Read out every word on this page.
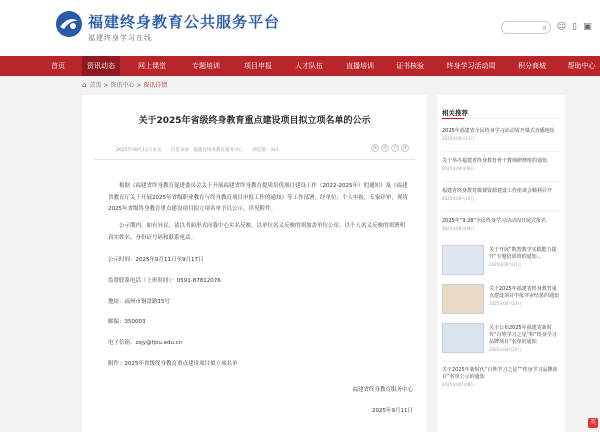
福建终身教育公共服务平台
福建终身学习在线
⌕ ☺ ▯ ▣
首页	资讯动态	网上课堂	专题培训	项目申报	人才队伍	直播培训	证书核验	终身学习活动周	积分商城	帮助中心
⌂ 首页 > 资讯中心 > 资讯详情
关于2025年省级终身教育重点建设项目拟立项名单的公示
2025年09月11日发布 信息来源：福建省终身教育服务中心 浏览量：341
微	朋	空	博
根据《福建省终身教育促进委员会关于开展福建省终身教育提质培优项目建设工作（2022-2025年）的通知》及《福建省教育厅关于开展2025年省级职业教育与终身教育项目申报工作的通知》等工作部署，经单位、个人申报，专家评审，现将2025年省级终身教育重点建设项目拟立项名单予以公示，详见附件。
公示期内，如有异议，请以书面形式向我中心实名反映。以单位名义反映的须加盖单位公章，以个人名义反映的须署明真实姓名、身份证号码和联系电话。
公示时间：2025年9月11日至9月17日
监督联系电话（上班时间）：0591-87812076
地址：福州市铜盘路15号
邮编：350003
电子信箱：zsjy@fjou.edu.cn
附件：2025年省级终身教育重点建设项目拟立项名单
福建省终身教育服务中心
2025年9月11日
相关推荐
2025年福建省全民终身学习活动周开幕式直播地址
2025年09月13日
关于举办福建省终身教育骨干教师研修班的通知
2025年09月09日
福建省终身教育微课资源建设工作座谈会顺利召开
2025年09月10日
2025年“9.28”全民终身学习活动周开展式报名
2025年09月04日
关于开展“数智教学实践能力提升”专题培训班的通知…
2025年09月01日
关于2025年福建省终身教育重点建设项目申报评审结果的通知
2025年06月23日
关于公布2025年福建省新时代“百姓学习之星”和“终身学习品牌项目”名单的通知
2025年04月22日
关于2025年新时代“百姓学习之星”“终身学习品牌项目”名单公示的通知
2025年04月08日
英
